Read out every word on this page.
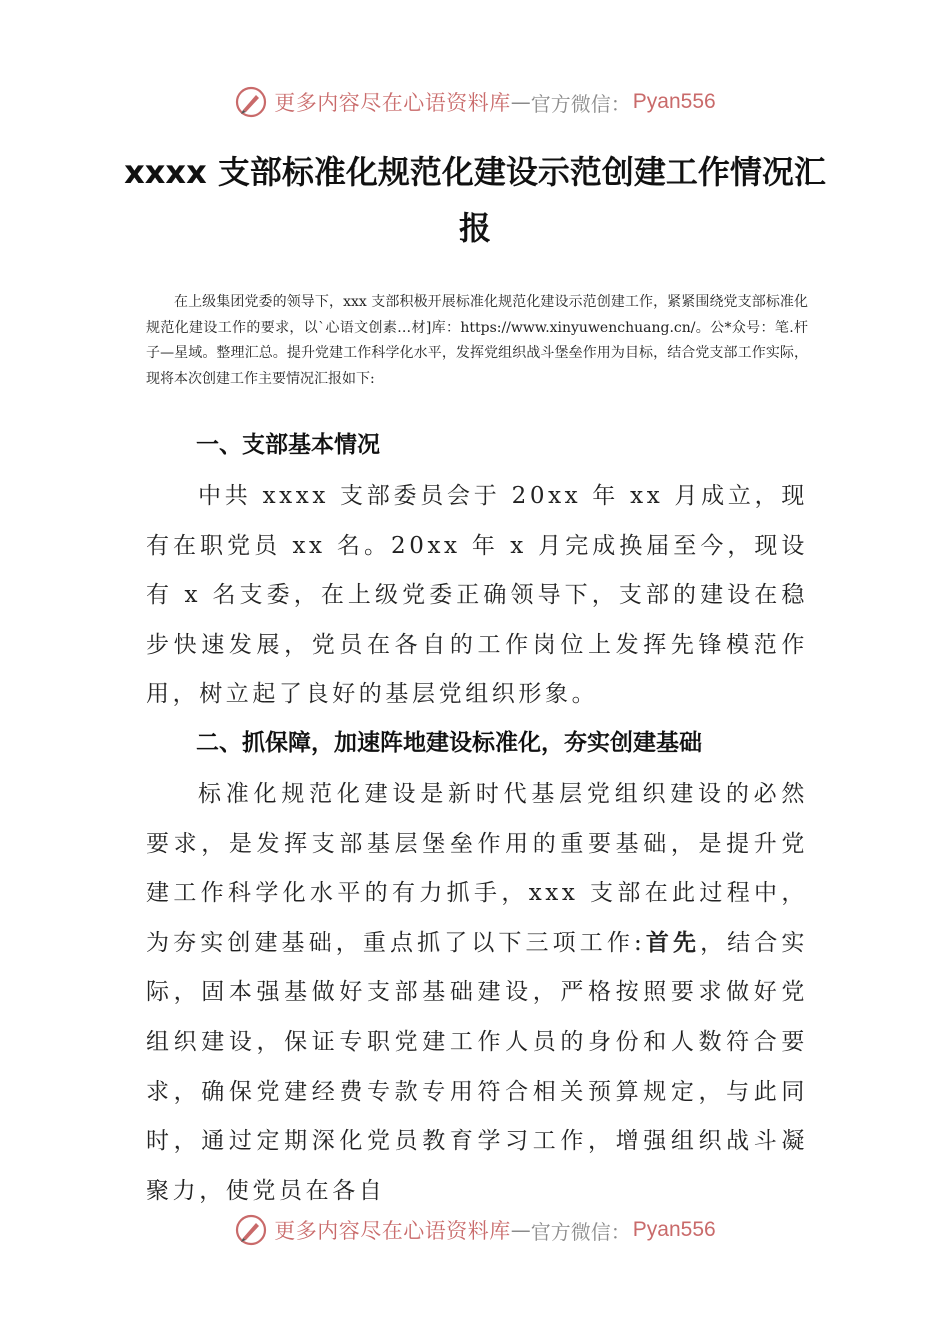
更多内容尽在心语资料库 — 官方微信： Pyan556
xxxx 支部标准化规范化建设示范创建工作情况汇报

在上级集团党委的领导下，xxx 支部积极开展标准化规范化建设示范创建工作，紧紧围绕党支部标准化规范化建设工作的要求，以`心语文创素…材]库：https://www.xinyuwenchuang.cn/。公*众号：笔.杆子—星域。整理汇总。提升党建工作科学化水平，发挥党组织战斗堡垒作用为目标，结合党支部工作实际，现将本次创建工作主要情况汇报如下:

一、支部基本情况

中共 xxxx 支部委员会于 20xx 年 xx 月成立，现有在职党员 xx 名。20xx 年 x 月完成换届至今，现设有 x 名支委，在上级党委正确领导下，支部的建设在稳步快速发展，党员在各自的工作岗位上发挥先锋模范作用，树立起了良好的基层党组织形象。

二、抓保障，加速阵地建设标准化，夯实创建基础

标准化规范化建设是新时代基层党组织建设的必然要求，是发挥支部基层堡垒作用的重要基础，是提升党建工作科学化水平的有力抓手，xxx 支部在此过程中，为夯实创建基础，重点抓了以下三项工作:首先，结合实际，固本强基做好支部基础建设，严格按照要求做好党组织建设，保证专职党建工作人员的身份和人数符合要求，确保党建经费专款专用符合相关预算规定，与此同时，通过定期深化党员教育学习工作，增强组织战斗凝聚力，使党员在各自

更多内容尽在心语资料库 — 官方微信： Pyan556
